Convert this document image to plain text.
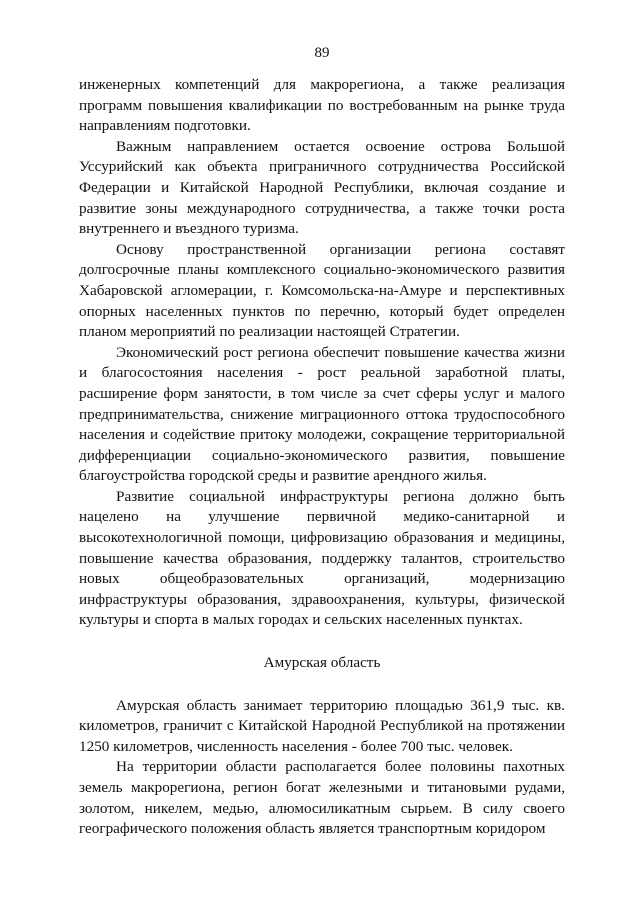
89

инженерных компетенций для макрорегиона, а также реализация программ повышения квалификации по востребованным на рынке труда направлениям подготовки.

Важным направлением остается освоение острова Большой Уссурийский как объекта приграничного сотрудничества Российской Федерации и Китайской Народной Республики, включая создание и развитие зоны международного сотрудничества, а также точки роста внутреннего и въездного туризма.

Основу пространственной организации региона составят долгосрочные планы комплексного социально-экономического развития Хабаровской агломерации, г. Комсомольска-на-Амуре и перспективных опорных населенных пунктов по перечню, который будет определен планом мероприятий по реализации настоящей Стратегии.

Экономический рост региона обеспечит повышение качества жизни и благосостояния населения - рост реальной заработной платы, расширение форм занятости, в том числе за счет сферы услуг и малого предпринимательства, снижение миграционного оттока трудоспособного населения и содействие притоку молодежи, сокращение территориальной дифференциации социально-экономического развития, повышение благоустройства городской среды и развитие арендного жилья.

Развитие социальной инфраструктуры региона должно быть нацелено на улучшение первичной медико-санитарной и высокотехнологичной помощи, цифровизацию образования и медицины, повышение качества образования, поддержку талантов, строительство новых общеобразовательных организаций, модернизацию инфраструктуры образования, здравоохранения, культуры, физической культуры и спорта в малых городах и сельских населенных пунктах.

Амурская область

Амурская область занимает территорию площадью 361,9 тыс. кв. километров, граничит с Китайской Народной Республикой на протяжении 1250 километров, численность населения - более 700 тыс. человек.

На территории области располагается более половины пахотных земель макрорегиона, регион богат железными и титановыми рудами, золотом, никелем, медью, алюмосиликатным сырьем. В силу своего географического положения область является транспортным коридором
